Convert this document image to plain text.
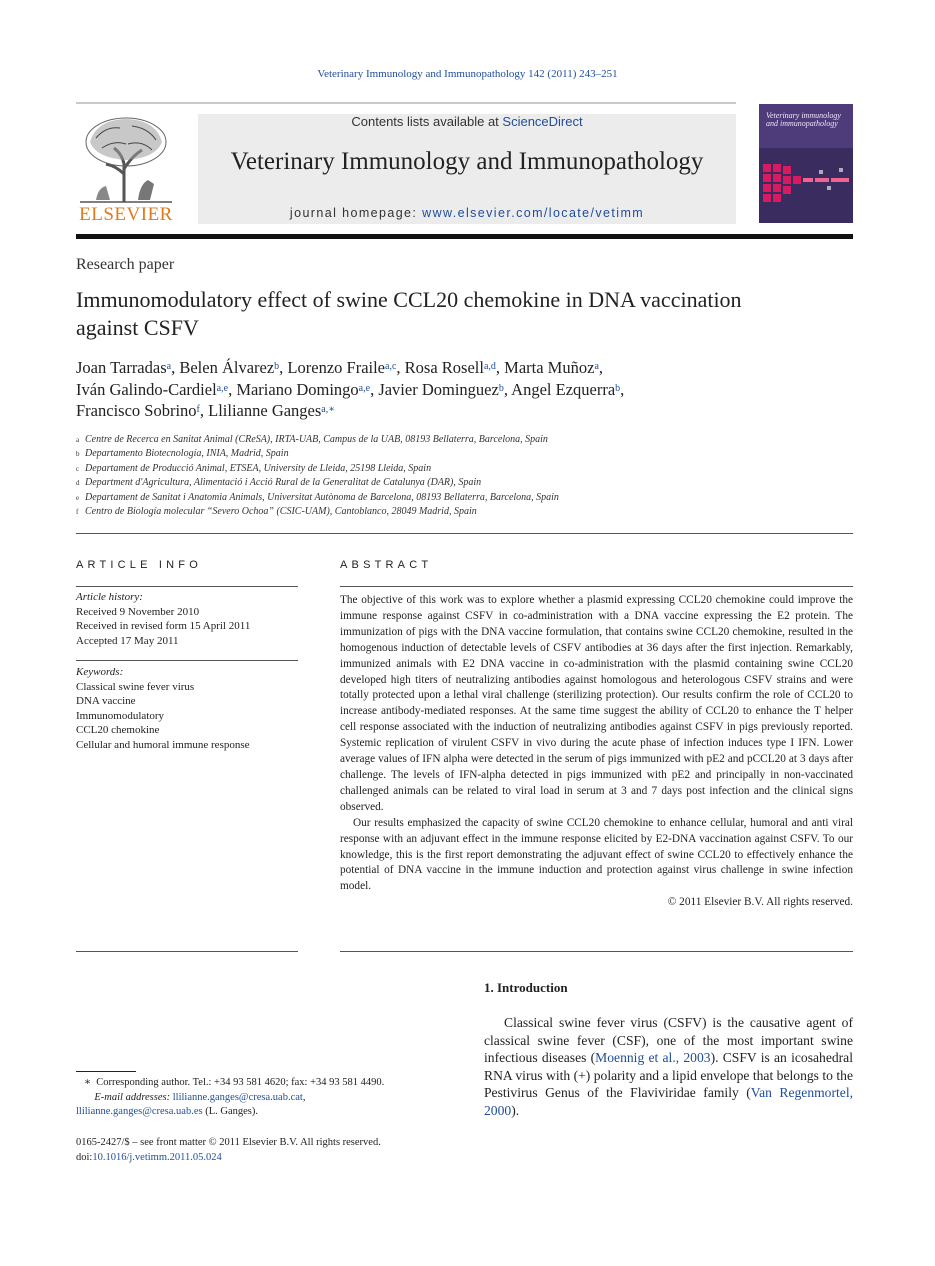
Veterinary Immunology and Immunopathology 142 (2011) 243–251
ELSEVIER
Contents lists available at ScienceDirect
Veterinary Immunology and Immunopathology
journal homepage: www.elsevier.com/locate/vetimm
Veterinary immunology and immunopathology
Research paper
Immunomodulatory effect of swine CCL20 chemokine in DNA vaccination against CSFV
Joan Tarradas$^a$, Belen Álvarez$^b$, Lorenzo Fraile$^{a,c}$, Rosa Rosell$^{a,d}$, Marta Muñoz$^a$,
Iván Galindo-Cardiel$^{a,e}$, Mariano Domingo$^{a,e}$, Javier Dominguez$^b$, Angel Ezquerra$^b$,
Francisco Sobrino$^f$, Llilianne Ganges$^{a,∗}$
a Centre de Recerca en Sanitat Animal (CReSA), IRTA-UAB, Campus de la UAB, 08193 Bellaterra, Barcelona, Spain
b Departamento Biotecnología, INIA, Madrid, Spain
c Departament de Producció Animal, ETSEA, University de Lleida, 25198 Lleida, Spain
d Department d'Agricultura, Alimentació i Acció Rural de la Generalitat de Catalunya (DAR), Spain
e Departament de Sanitat i Anatomia Animals, Universitat Autònoma de Barcelona, 08193 Bellaterra, Barcelona, Spain
f Centro de Biología molecular “Severo Ochoa” (CSIC-UAM), Cantoblanco, 28049 Madrid, Spain
ARTICLE INFO
Article history:
Received 9 November 2010
Received in revised form 15 April 2011
Accepted 17 May 2011
Keywords:
Classical swine fever virus
DNA vaccine
Immunomodulatory
CCL20 chemokine
Cellular and humoral immune response
ABSTRACT

The objective of this work was to explore whether a plasmid expressing CCL20 chemokine could improve the immune response against CSFV in co-administration with a DNA vaccine expressing the E2 protein. The immunization of pigs with the DNA vaccine formulation, that contains swine CCL20 chemokine, resulted in the homogenous induction of detectable levels of CSFV antibodies at 36 days after the first injection. Remarkably, immunized animals with E2 DNA vaccine in co-administration with the plasmid containing swine CCL20 developed high titers of neutralizing antibodies against homologous and heterologous CSFV strains and were totally protected upon a lethal viral challenge (sterilizing protection). Our results confirm the role of CCL20 to increase antibody-mediated responses. At the same time suggest the ability of CCL20 to enhance the T helper cell response associated with the induction of neutralizing antibodies against CSFV in pigs previously reported. Systemic replication of virulent CSFV in vivo during the acute phase of infection induces type I IFN. Lower average values of IFN alpha were detected in the serum of pigs immunized with pE2 and pCCL20 at 3 days after challenge. The levels of IFN-alpha detected in pigs immunized with pE2 and principally in non-vaccinated challenged animals can be related to viral load in serum at 3 and 7 days post infection and the clinical signs observed.

Our results emphasized the capacity of swine CCL20 chemokine to enhance cellular, humoral and anti viral response with an adjuvant effect in the immune response elicited by E2-DNA vaccination against CSFV. To our knowledge, this is the first report demonstrating the adjuvant effect of swine CCL20 to effectively enhance the potential of DNA vaccine in the immune induction and protection against virus challenge in swine infection model.

© 2011 Elsevier B.V. All rights reserved.

1. Introduction

Classical swine fever virus (CSFV) is the causative agent of classical swine fever (CSF), one of the most important swine infectious diseases (Moennig et al., 2003). CSFV is an icosahedral RNA virus with (+) polarity and a lipid envelope that belongs to the Pestivirus Genus of the Flaviviridae family (Van Regenmortel, 2000).

∗ Corresponding author. Tel.: +34 93 581 4620; fax: +34 93 581 4490.
E-mail addresses: llilianne.ganges@cresa.uab.cat,
llilianne.ganges@cresa.uab.es (L. Ganges).
0165-2427/$ – see front matter © 2011 Elsevier B.V. All rights reserved.
doi:10.1016/j.vetimm.2011.05.024
